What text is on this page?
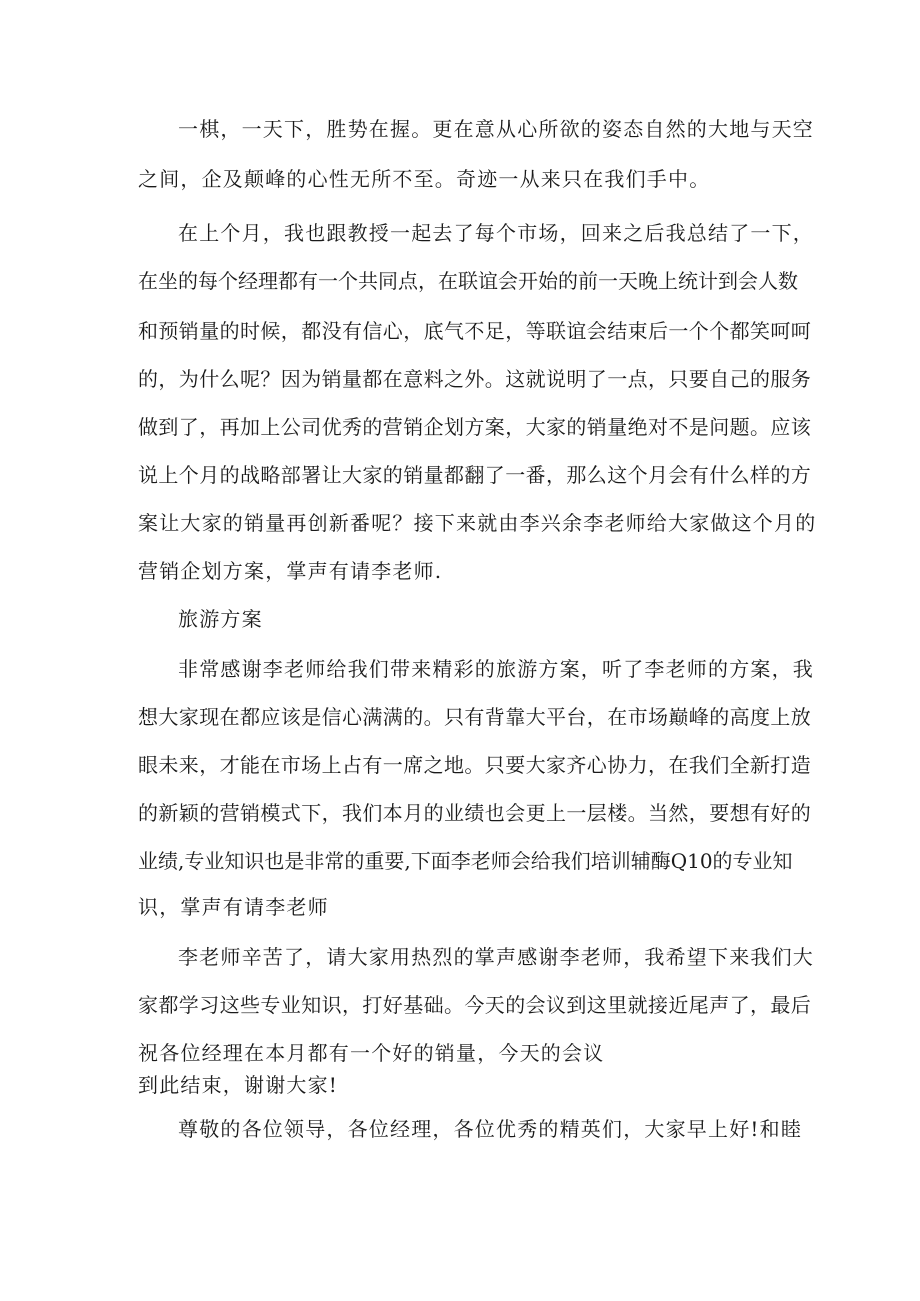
一棋，一天下，胜势在握。更在意从心所欲的姿态自然的大地与天空
之间，企及颠峰的心性无所不至。奇迹一从来只在我们手中。
在上个月，我也跟教授一起去了每个市场，回来之后我总结了一下，
在坐的每个经理都有一个共同点，在联谊会开始的前一天晚上统计到会人数
和预销量的时候，都没有信心，底气不足，等联谊会结束后一个个都笑呵呵
的，为什么呢？因为销量都在意料之外。这就说明了一点，只要自己的服务
做到了，再加上公司优秀的营销企划方案，大家的销量绝对不是问题。应该
说上个月的战略部署让大家的销量都翻了一番，那么这个月会有什么样的方
案让大家的销量再创新番呢？接下来就由李兴余李老师给大家做这个月的
营销企划方案，掌声有请李老师.
旅游方案
非常感谢李老师给我们带来精彩的旅游方案，听了李老师的方案，我
想大家现在都应该是信心满满的。只有背靠大平台，在市场巅峰的高度上放
眼未来，才能在市场上占有一席之地。只要大家齐心协力，在我们全新打造
的新颖的营销模式下，我们本月的业绩也会更上一层楼。当然，要想有好的
业绩,专业知识也是非常的重要,下面李老师会给我们培训辅酶Q10的专业知
识，掌声有请李老师
李老师辛苦了，请大家用热烈的掌声感谢李老师，我希望下来我们大
家都学习这些专业知识，打好基础。今天的会议到这里就接近尾声了，最后
祝各位经理在本月都有一个好的销量，今天的会议
到此结束，谢谢大家!
尊敬的各位领导，各位经理，各位优秀的精英们，大家早上好!和睦
